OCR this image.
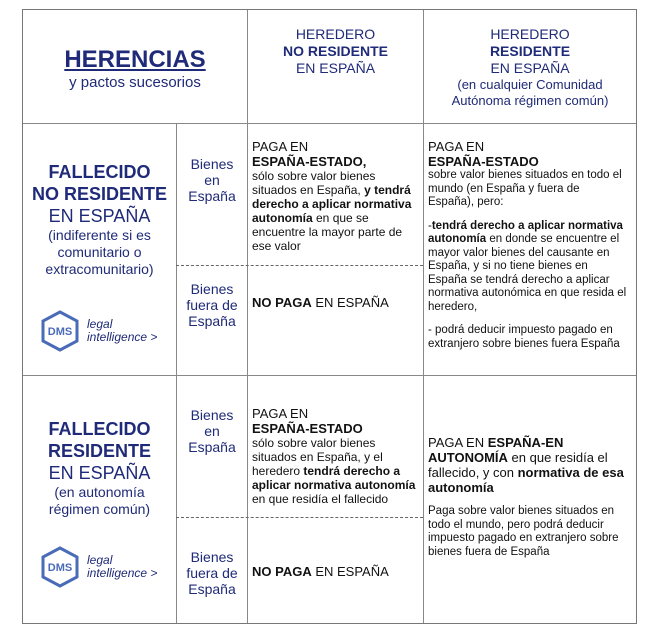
HERENCIAS
y pactos sucesorios
HEREDERO
NO RESIDENTE
EN ESPAÑA
HEREDERO
RESIDENTE
EN ESPAÑA
(en cualquier Comunidad
Autónoma régimen común)
FALLECIDO
NO RESIDENTE
EN ESPAÑA
(indiferente si es
comunitario o
extracomunitario)
DMS
legal
intelligence >
Bienes
en
España
Bienes
fuera de
España
PAGA EN
ESPAÑA-ESTADO,
sólo sobre valor bienes
situados en España, y tendrá
derecho a aplicar normativa
autonomía en que se
encuentre la mayor parte de
ese valor
NO PAGA EN ESPAÑA
PAGA EN
ESPAÑA-ESTADO
sobre valor bienes situados en todo el
mundo (en España y fuera de
España), pero:
-tendrá derecho a aplicar normativa
autonomía en donde se encuentre el
mayor valor bienes del causante en
España, y si no tiene bienes en
España se tendrá derecho a aplicar
normativa autonómica en que resida el
heredero,
- podrá deducir impuesto pagado en
extranjero sobre bienes fuera España
FALLECIDO
RESIDENTE
EN ESPAÑA
(en autonomía
régimen común)
DMS
legal
intelligence >
Bienes
en
España
Bienes
fuera de
España
PAGA EN
ESPAÑA-ESTADO
sólo sobre valor bienes
situados en España, y el
heredero tendrá derecho a
aplicar normativa autonomía
en que residía el fallecido
NO PAGA EN ESPAÑA
PAGA EN ESPAÑA-EN
AUTONOMÍA en que residía el
fallecido, y con normativa de esa
autonomía
Paga sobre valor bienes situados en
todo el mundo, pero podrá deducir
impuesto pagado en extranjero sobre
bienes fuera de España
